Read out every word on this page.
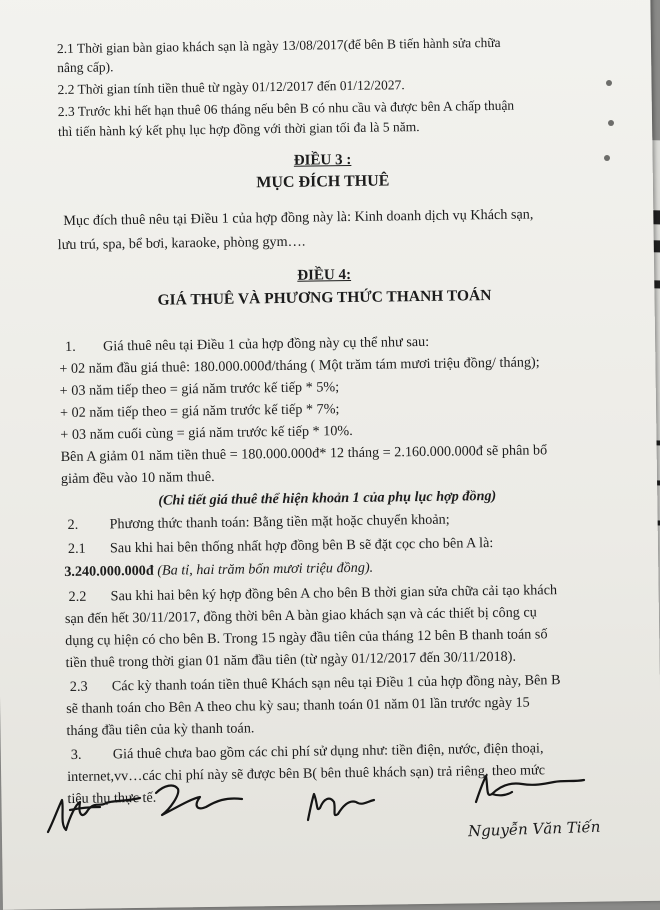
2.1 Thời gian bàn giao khách sạn là ngày 13/08/2017(để bên B tiến hành sửa chữa
nâng cấp).
2.2 Thời gian tính tiền thuê từ ngày 01/12/2017 đến 01/12/2027.
2.3 Trước khi hết hạn thuê 06 tháng nếu bên B có nhu cầu và được bên A chấp thuận
thì tiến hành ký kết phụ lục hợp đồng với thời gian tối đa là 5 năm.
ĐIỀU 3 :
MỤC ĐÍCH THUÊ
Mục đích thuê nêu tại Điều 1 của hợp đồng này là: Kinh doanh dịch vụ Khách sạn,
lưu trú, spa, bể bơi, karaoke, phòng gym….
ĐIỀU 4:
GIÁ THUÊ VÀ PHƯƠNG THỨC THANH TOÁN
1. Giá thuê nêu tại Điều 1 của hợp đồng này cụ thể như sau:
+ 02 năm đầu giá thuê: 180.000.000đ/tháng ( Một trăm tám mươi triệu đồng/ tháng);
+ 03 năm tiếp theo = giá năm trước kế tiếp * 5%;
+ 02 năm tiếp theo = giá năm trước kế tiếp * 7%;
+ 03 năm cuối cùng = giá năm trước kế tiếp * 10%.
Bên A giảm 01 năm tiền thuê = 180.000.000đ* 12 tháng = 2.160.000.000đ sẽ phân bổ
giảm đều vào 10 năm thuê.
(Chi tiết giá thuê thể hiện khoản 1 của phụ lục hợp đồng)
2. Phương thức thanh toán: Bằng tiền mặt hoặc chuyển khoản;
2.1 Sau khi hai bên thống nhất hợp đồng bên B sẽ đặt cọc cho bên A là:
3.240.000.000đ (Ba tỉ, hai trăm bốn mươi triệu đồng).
2.2 Sau khi hai bên ký hợp đồng bên A cho bên B thời gian sửa chữa cải tạo khách
sạn đến hết 30/11/2017, đồng thời bên A bàn giao khách sạn và các thiết bị công cụ
dụng cụ hiện có cho bên B. Trong 15 ngày đầu tiên của tháng 12 bên B thanh toán số
tiền thuê trong thời gian 01 năm đầu tiên (từ ngày 01/12/2017 đến 30/11/2018).
2.3 Các kỳ thanh toán tiền thuê Khách sạn nêu tại Điều 1 của hợp đồng này, Bên B
sẽ thanh toán cho Bên A theo chu kỳ sau; thanh toán 01 năm 01 lần trước ngày 15
tháng đầu tiên của kỳ thanh toán.
3. Giá thuê chưa bao gồm các chi phí sử dụng như: tiền điện, nước, điện thoại,
internet,vv…các chi phí này sẽ được bên B( bên thuê khách sạn) trả riêng, theo mức
tiêu thụ thực tế.
Nguyễn Văn Tiến
